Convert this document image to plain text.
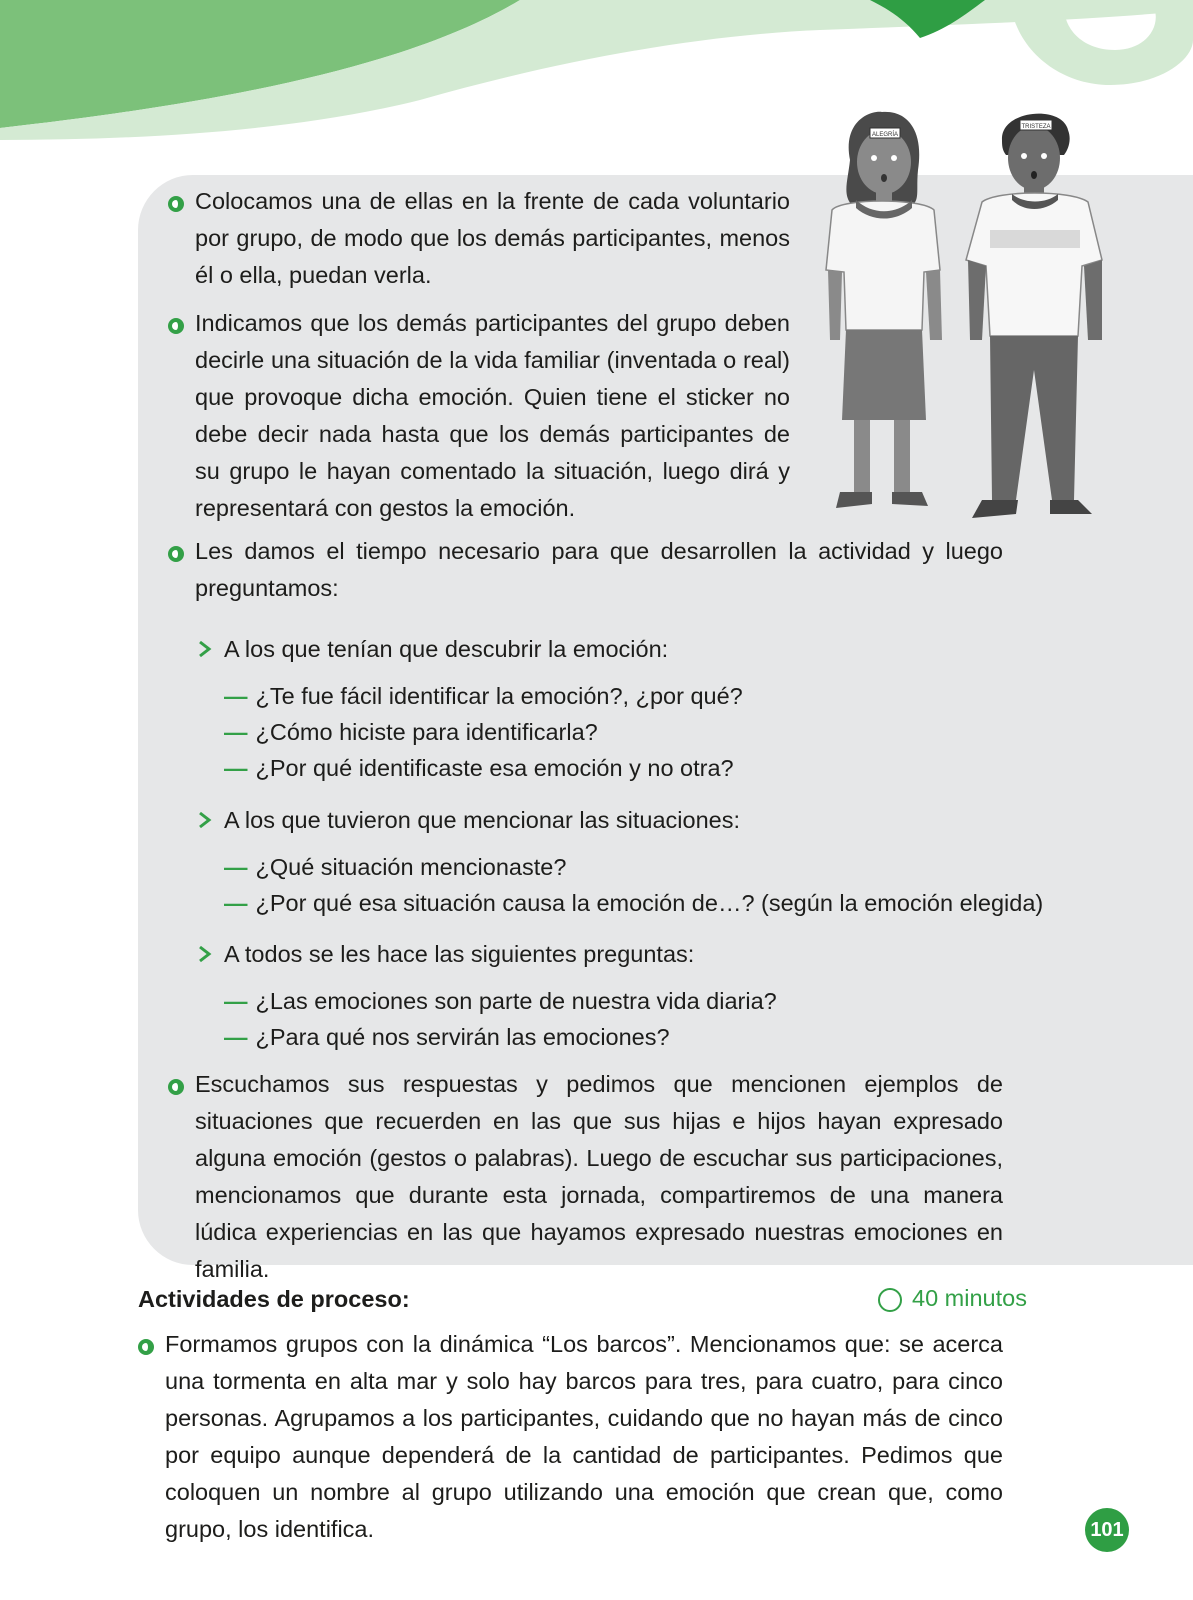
ALEGRÍA
TRISTEZA

Colocamos una de ellas en la frente de cada voluntario por grupo, de modo que los demás participantes, menos él o ella, puedan verla.

Indicamos que los demás participantes del grupo deben decirle una situación de la vida familiar (inventada o real) que provoque dicha emoción. Quien tiene el sticker no debe decir nada hasta que los demás participantes de su grupo le hayan comentado la situación, luego dirá y representará con gestos la emoción.

Les damos el tiempo necesario para que desarrollen la actividad y luego preguntamos:

A los que tenían que descubrir la emoción:
— ¿Te fue fácil identificar la emoción?, ¿por qué?
— ¿Cómo hiciste para identificarla?
— ¿Por qué identificaste esa emoción y no otra?
A los que tuvieron que mencionar las situaciones:
— ¿Qué situación mencionaste?
— ¿Por qué esa situación causa la emoción de…? (según la emoción elegida)
A todos se les hace las siguientes preguntas:
— ¿Las emociones son parte de nuestra vida diaria?
— ¿Para qué nos servirán las emociones?

Escuchamos sus respuestas y pedimos que mencionen ejemplos de situaciones que recuerden en las que sus hijas e hijos hayan expresado alguna emoción (gestos o palabras). Luego de escuchar sus participaciones, mencionamos que durante esta jornada, compartiremos de una manera lúdica experiencias en las que hayamos expresado nuestras emociones en familia.

Actividades de proceso:	40 minutos

Formamos grupos con la dinámica “Los barcos”. Mencionamos que: se acerca una tormenta en alta mar y solo hay barcos para tres, para cuatro, para cinco personas. Agrupamos a los participantes, cuidando que no hayan más de cinco por equipo aunque dependerá de la cantidad de participantes. Pedimos que coloquen un nombre al grupo utilizando una emoción que crean que, como grupo, los identifica.	101
